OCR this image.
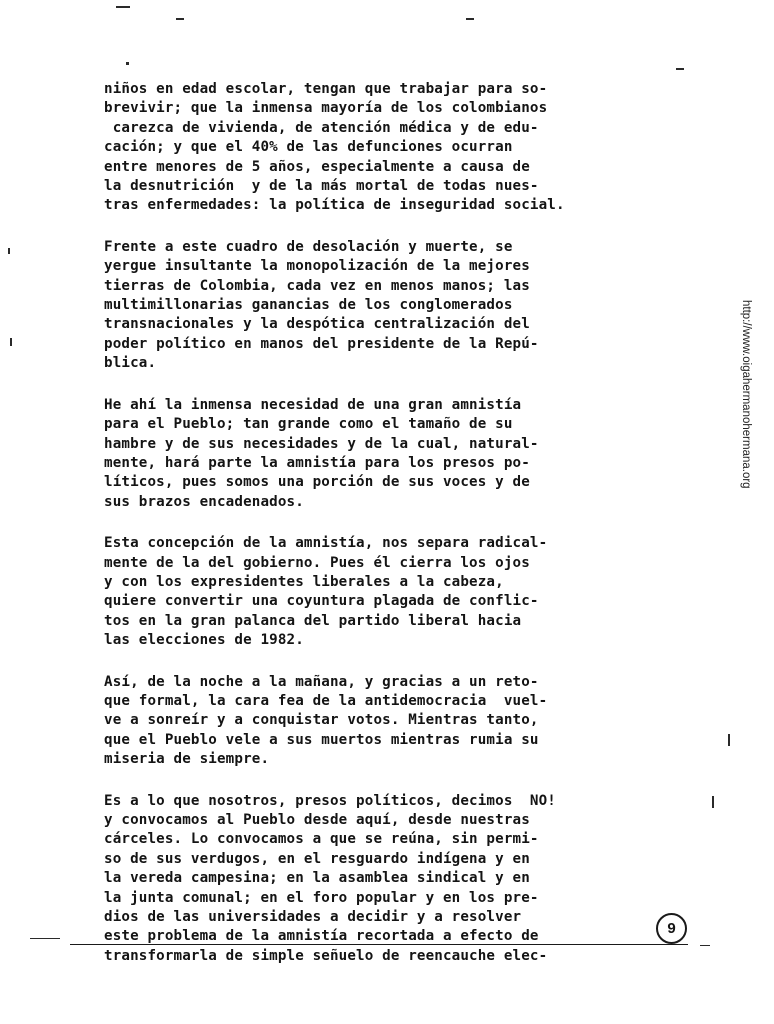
niños en edad escolar, tengan que trabajar para so-
brevivir; que la inmensa mayoría de los colombianos
carezca de vivienda, de atención médica y de edu-
cación; y que el 40% de las defunciones ocurran
entre menores de 5 años, especialmente a causa de
la desnutrición  y de la más mortal de todas nues-
tras enfermedades: la política de inseguridad social.
Frente a este cuadro de desolación y muerte, se
yergue insultante la monopolización de la mejores
tierras de Colombia, cada vez en menos manos; las
multimillonarias ganancias de los conglomerados
transnacionales y la despótica centralización del
poder político en manos del presidente de la Repú-
blica.
He ahí la inmensa necesidad de una gran amnistía
para el Pueblo; tan grande como el tamaño de su
hambre y de sus necesidades y de la cual, natural-
mente, hará parte la amnistía para los presos po-
líticos, pues somos una porción de sus voces y de
sus brazos encadenados.
Esta concepción de la amnistía, nos separa radical-
mente de la del gobierno. Pues él cierra los ojos
y con los expresidentes liberales a la cabeza,
quiere convertir una coyuntura plagada de conflic-
tos en la gran palanca del partido liberal hacia
las elecciones de 1982.
Así, de la noche a la mañana, y gracias a un reto-
que formal, la cara fea de la antidemocracia  vuel-
ve a sonreír y a conquistar votos. Mientras tanto,
que el Pueblo vele a sus muertos mientras rumia su
miseria de siempre.
Es a lo que nosotros, presos políticos, decimos  NO!
y convocamos al Pueblo desde aquí, desde nuestras
cárceles. Lo convocamos a que se reúna, sin permi-
so de sus verdugos, en el resguardo indígena y en
la vereda campesina; en la asamblea sindical y en
la junta comunal; en el foro popular y en los pre-
dios de las universidades a decidir y a resolver
este problema de la amnistía recortada a efecto de
transformarla de simple señuelo de reencauche elec-
http://www.oigahermanohermana.org
9
